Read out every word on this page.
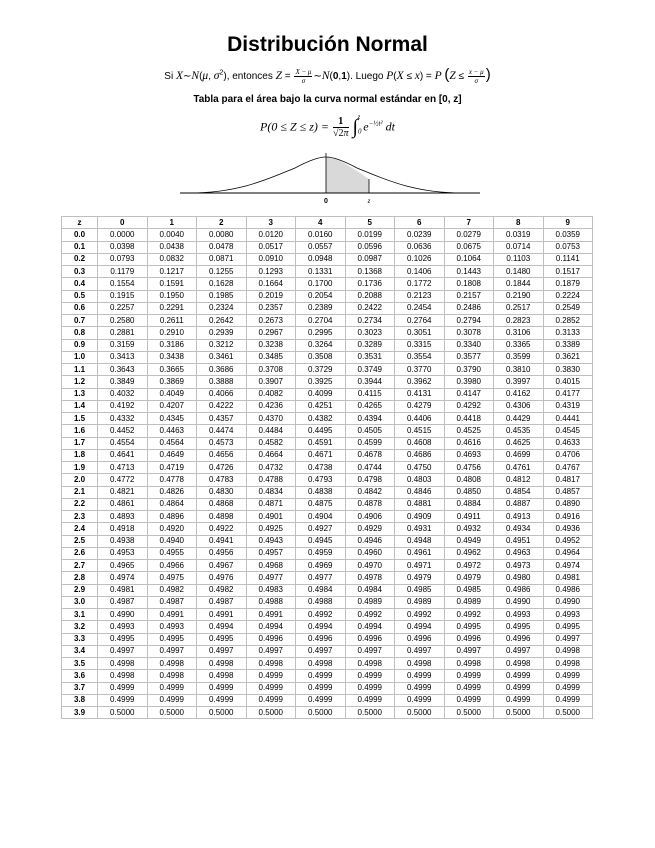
Distribución Normal
Si X∼N(μ, $\sigma^2$), entonces $Z = \frac{X - \mu}{\sigma}$ ∼N(0,1). Luego P(X ≤ x) = P ($Z \le \frac{x - \mu}{\sigma}$ )
Tabla para el área bajo la curva normal estándar en [0, z]
$P(0 \le Z \le z) = \frac{1}{√2\pi} \int_0^z$ $e^{-\frac{1}{2}t^2}$ dt
0	z
z	0	1	2	3	4	5	6	7	8	9
0.0	0.0000	0.0040	0.0080	0.0120	0.0160	0.0199	0.0239	0.0279	0.0319	0.0359
0.1	0.0398	0.0438	0.0478	0.0517	0.0557	0.0596	0.0636	0.0675	0.0714	0.0753
0.2	0.0793	0.0832	0.0871	0.0910	0.0948	0.0987	0.1026	0.1064	0.1103	0.1141
0.3	0.1179	0.1217	0.1255	0.1293	0.1331	0.1368	0.1406	0.1443	0.1480	0.1517
0.4	0.1554	0.1591	0.1628	0.1664	0.1700	0.1736	0.1772	0.1808	0.1844	0.1879
0.5	0.1915	0.1950	0.1985	0.2019	0.2054	0.2088	0.2123	0.2157	0.2190	0.2224
0.6	0.2257	0.2291	0.2324	0.2357	0.2389	0.2422	0.2454	0.2486	0.2517	0.2549
0.7	0.2580	0.2611	0.2642	0.2673	0.2704	0.2734	0.2764	0.2794	0.2823	0.2852
0.8	0.2881	0.2910	0.2939	0.2967	0.2995	0.3023	0.3051	0.3078	0.3106	0.3133
0.9	0.3159	0.3186	0.3212	0.3238	0.3264	0.3289	0.3315	0.3340	0.3365	0.3389
1.0	0.3413	0.3438	0.3461	0.3485	0.3508	0.3531	0.3554	0.3577	0.3599	0.3621
1.1	0.3643	0.3665	0.3686	0.3708	0.3729	0.3749	0.3770	0.3790	0.3810	0.3830
1.2	0.3849	0.3869	0.3888	0.3907	0.3925	0.3944	0.3962	0.3980	0.3997	0.4015
1.3	0.4032	0.4049	0.4066	0.4082	0.4099	0.4115	0.4131	0.4147	0.4162	0.4177
1.4	0.4192	0.4207	0.4222	0.4236	0.4251	0.4265	0.4279	0.4292	0.4306	0.4319
1.5	0.4332	0.4345	0.4357	0.4370	0.4382	0.4394	0.4406	0.4418	0.4429	0.4441
1.6	0.4452	0.4463	0.4474	0.4484	0.4495	0.4505	0.4515	0.4525	0.4535	0.4545
1.7	0.4554	0.4564	0.4573	0.4582	0.4591	0.4599	0.4608	0.4616	0.4625	0.4633
1.8	0.4641	0.4649	0.4656	0.4664	0.4671	0.4678	0.4686	0.4693	0.4699	0.4706
1.9	0.4713	0.4719	0.4726	0.4732	0.4738	0.4744	0.4750	0.4756	0.4761	0.4767
2.0	0.4772	0.4778	0.4783	0.4788	0.4793	0.4798	0.4803	0.4808	0.4812	0.4817
2.1	0.4821	0.4826	0.4830	0.4834	0.4838	0.4842	0.4846	0.4850	0.4854	0.4857
2.2	0.4861	0.4864	0.4868	0.4871	0.4875	0.4878	0.4881	0.4884	0.4887	0.4890
2.3	0.4893	0.4896	0.4898	0.4901	0.4904	0.4906	0.4909	0.4911	0.4913	0.4916
2.4	0.4918	0.4920	0.4922	0.4925	0.4927	0.4929	0.4931	0.4932	0.4934	0.4936
2.5	0.4938	0.4940	0.4941	0.4943	0.4945	0.4946	0.4948	0.4949	0.4951	0.4952
2.6	0.4953	0.4955	0.4956	0.4957	0.4959	0.4960	0.4961	0.4962	0.4963	0.4964
2.7	0.4965	0.4966	0.4967	0.4968	0.4969	0.4970	0.4971	0.4972	0.4973	0.4974
2.8	0.4974	0.4975	0.4976	0.4977	0.4977	0.4978	0.4979	0.4979	0.4980	0.4981
2.9	0.4981	0.4982	0.4982	0.4983	0.4984	0.4984	0.4985	0.4985	0.4986	0.4986
3.0	0.4987	0.4987	0.4987	0.4988	0.4988	0.4989	0.4989	0.4989	0.4990	0.4990
3.1	0.4990	0.4991	0.4991	0.4991	0.4992	0.4992	0.4992	0.4992	0.4993	0.4993
3.2	0.4993	0.4993	0.4994	0.4994	0.4994	0.4994	0.4994	0.4995	0.4995	0.4995
3.3	0.4995	0.4995	0.4995	0.4996	0.4996	0.4996	0.4996	0.4996	0.4996	0.4997
3.4	0.4997	0.4997	0.4997	0.4997	0.4997	0.4997	0.4997	0.4997	0.4997	0.4998
3.5	0.4998	0.4998	0.4998	0.4998	0.4998	0.4998	0.4998	0.4998	0.4998	0.4998
3.6	0.4998	0.4998	0.4998	0.4999	0.4999	0.4999	0.4999	0.4999	0.4999	0.4999
3.7	0.4999	0.4999	0.4999	0.4999	0.4999	0.4999	0.4999	0.4999	0.4999	0.4999
3.8	0.4999	0.4999	0.4999	0.4999	0.4999	0.4999	0.4999	0.4999	0.4999	0.4999
3.9	0.5000	0.5000	0.5000	0.5000	0.5000	0.5000	0.5000	0.5000	0.5000	0.5000
